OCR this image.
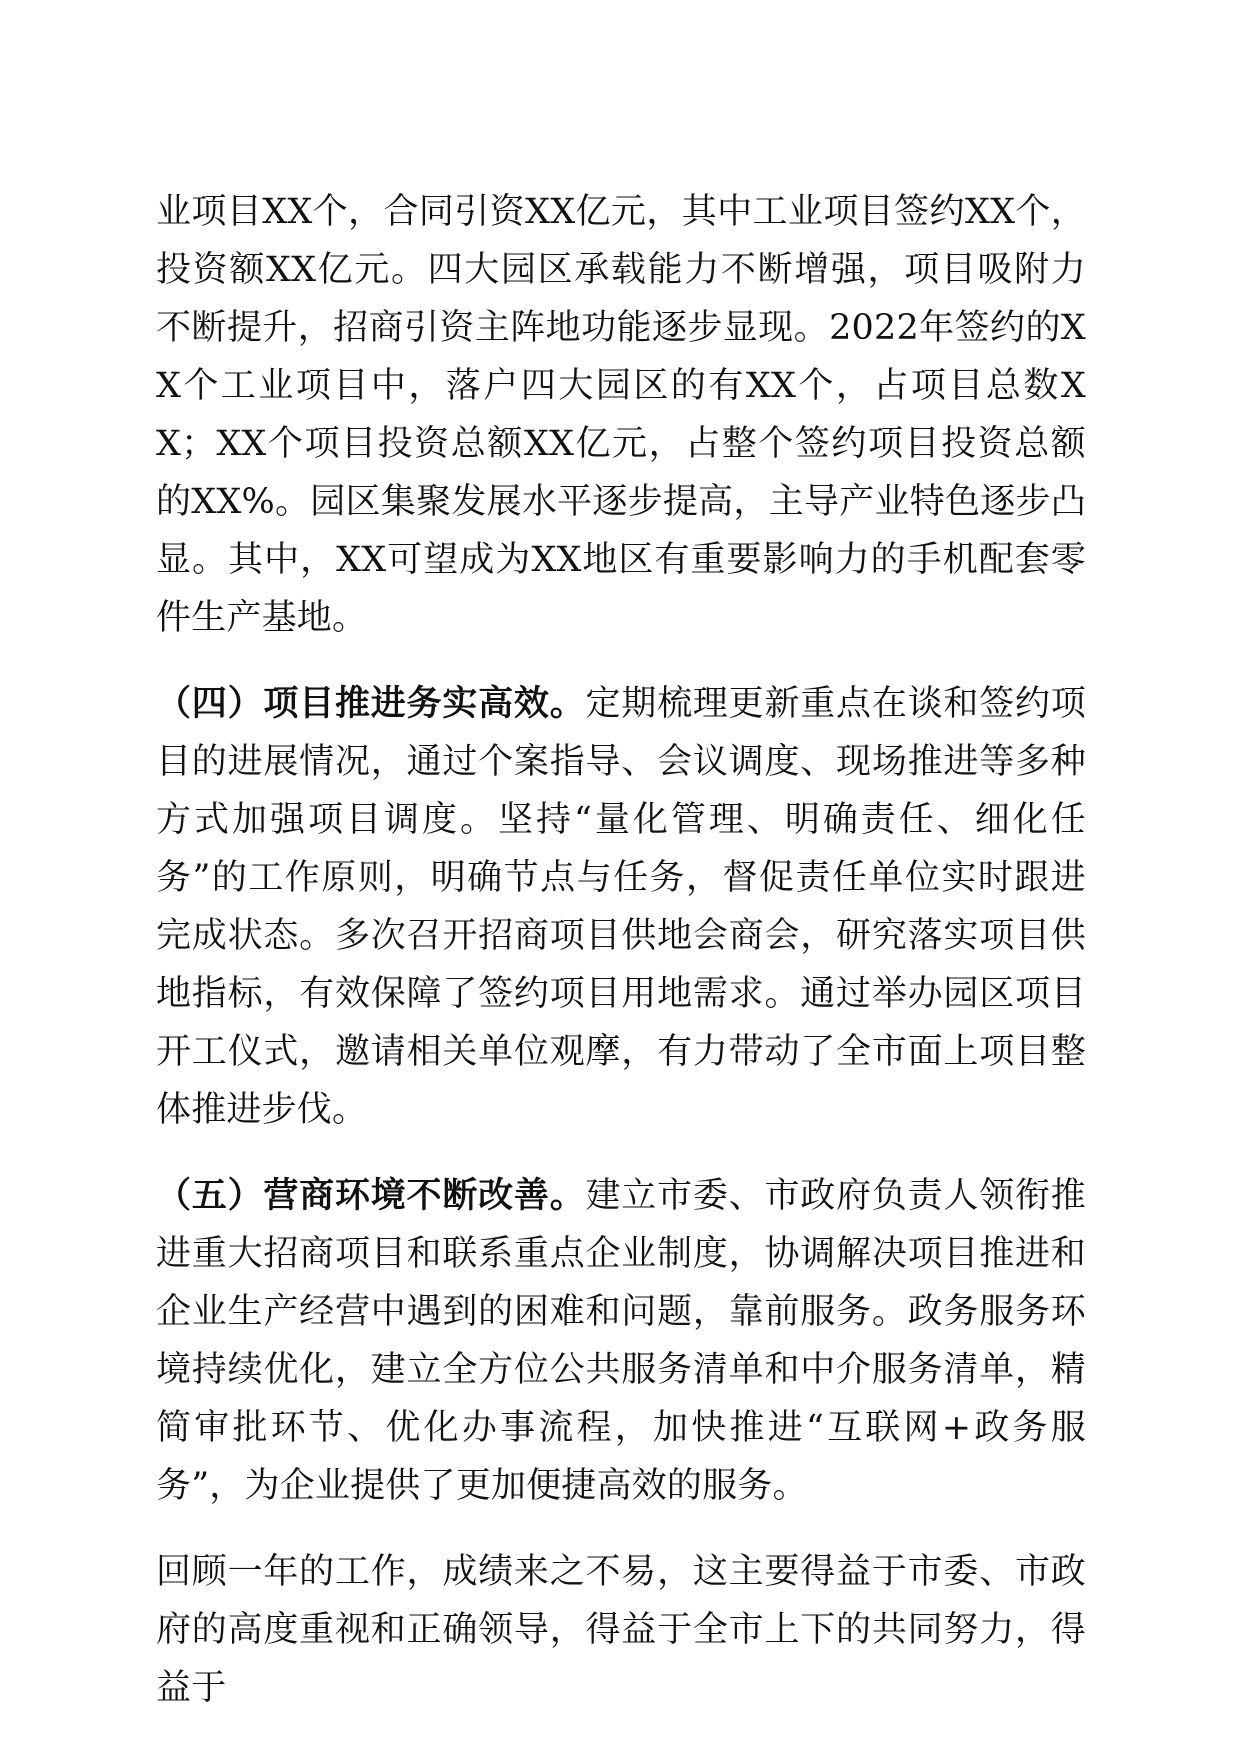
业项目XX个，合同引资XX亿元，其中工业项目签约XX个，投资额XX亿元。四大园区承载能力不断增强，项目吸附力不断提升，招商引资主阵地功能逐步显现。2022年签约的XX个工业项目中，落户四大园区的有XX个，占项目总数XX；XX个项目投资总额XX亿元，占整个签约项目投资总额的XX%。园区集聚发展水平逐步提高，主导产业特色逐步凸显。其中，XX可望成为XX地区有重要影响力的手机配套零件生产基地。

（四）项目推进务实高效。定期梳理更新重点在谈和签约项目的进展情况，通过个案指导、会议调度、现场推进等多种方式加强项目调度。坚持“量化管理、明确责任、细化任务”的工作原则，明确节点与任务，督促责任单位实时跟进完成状态。多次召开招商项目供地会商会，研究落实项目供地指标，有效保障了签约项目用地需求。通过举办园区项目开工仪式，邀请相关单位观摩，有力带动了全市面上项目整体推进步伐。

（五）营商环境不断改善。建立市委、市政府负责人领衔推进重大招商项目和联系重点企业制度，协调解决项目推进和企业生产经营中遇到的困难和问题，靠前服务。政务服务环境持续优化，建立全方位公共服务清单和中介服务清单，精简审批环节、优化办事流程，加快推进“互联网+政务服务”，为企业提供了更加便捷高效的服务。

回顾一年的工作，成绩来之不易，这主要得益于市委、市政府的高度重视和正确领导，得益于全市上下的共同努力，得益于
